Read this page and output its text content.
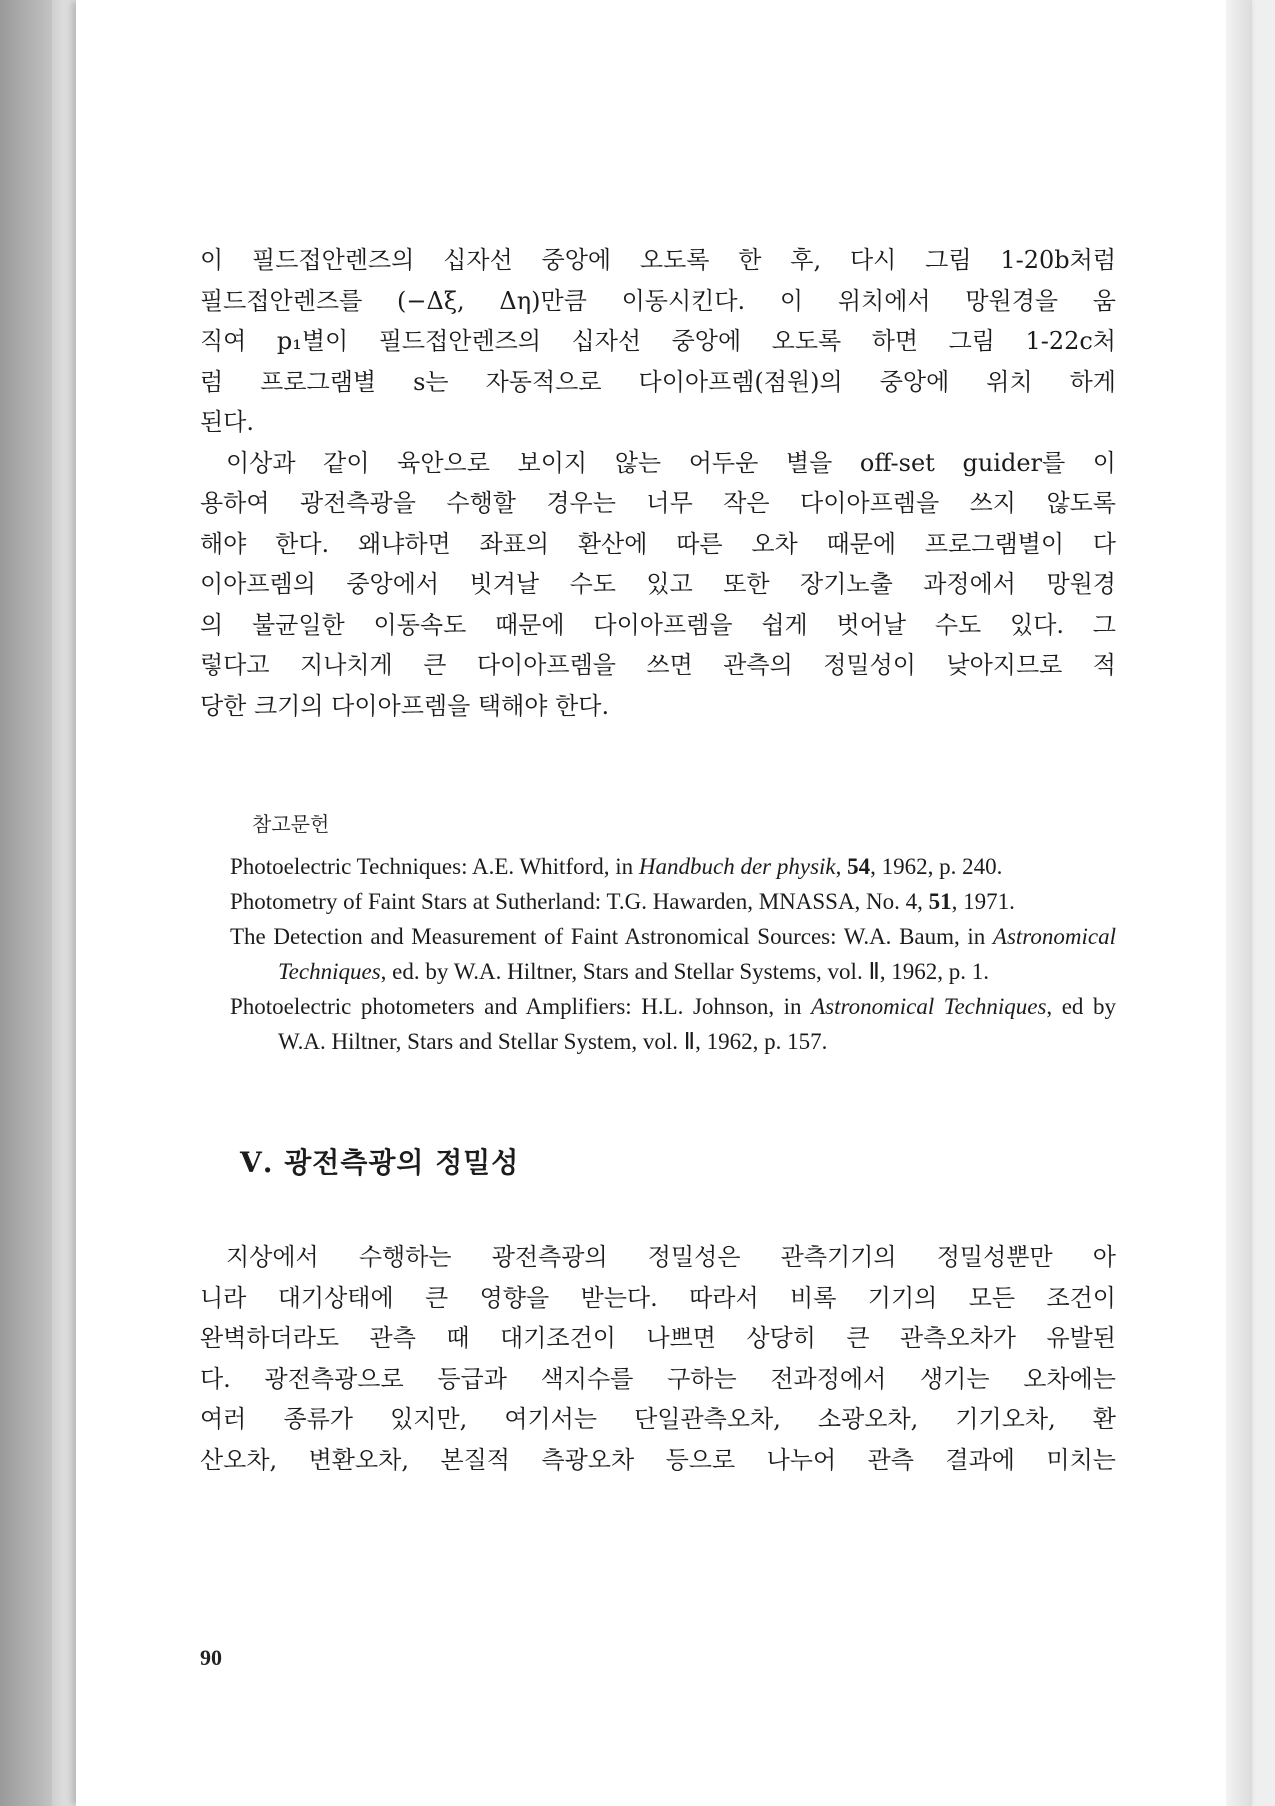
이 필드접안렌즈의 십자선 중앙에 오도록 한 후, 다시 그림 1-20b처럼

필드접안렌즈를 (−Δξ, Δη)만큼 이동시킨다. 이 위치에서 망원경을 움

직여 p₁별이 필드접안렌즈의 십자선 중앙에 오도록 하면 그림 1-22c처

럼 프로그램별 s는 자동적으로 다이아프렘(점원)의 중앙에 위치 하게

된다.

이상과 같이 육안으로 보이지 않는 어두운 별을 off-set guider를 이

용하여 광전측광을 수행할 경우는 너무 작은 다이아프렘을 쓰지 않도록

해야 한다. 왜냐하면 좌표의 환산에 따른 오차 때문에 프로그램별이 다

이아프렘의 중앙에서 빗겨날 수도 있고 또한 장기노출 과정에서 망원경

의 불균일한 이동속도 때문에 다이아프렘을 쉽게 벗어날 수도 있다. 그

렇다고 지나치게 큰 다이아프렘을 쓰면 관측의 정밀성이 낮아지므로 적

당한 크기의 다이아프렘을 택해야 한다.

참고문헌

Photoelectric Techniques: A.E. Whitford, in Handbuch der physik, 54, 1962, p. 240.

Photometry of Faint Stars at Sutherland: T.G. Hawarden, MNASSA, No. 4, 51, 1971.

The Detection and Measurement of Faint Astronomical Sources: W.A. Baum, in Astronomical Techniques, ed. by W.A. Hiltner, Stars and Stellar Systems, vol. Ⅱ, 1962, p. 1.

Photoelectric photometers and Amplifiers: H.L. Johnson, in Astronomical Techniques, ed by W.A. Hiltner, Stars and Stellar System, vol. Ⅱ, 1962, p. 157.

Ⅴ. 광전측광의 정밀성

지상에서 수행하는 광전측광의 정밀성은 관측기기의 정밀성뿐만 아

니라 대기상태에 큰 영향을 받는다. 따라서 비록 기기의 모든 조건이

완벽하더라도 관측 때 대기조건이 나쁘면 상당히 큰 관측오차가 유발된

다. 광전측광으로 등급과 색지수를 구하는 전과정에서 생기는 오차에는

여러 종류가 있지만, 여기서는 단일관측오차, 소광오차, 기기오차, 환

산오차, 변환오차, 본질적 측광오차 등으로 나누어 관측 결과에 미치는

90
